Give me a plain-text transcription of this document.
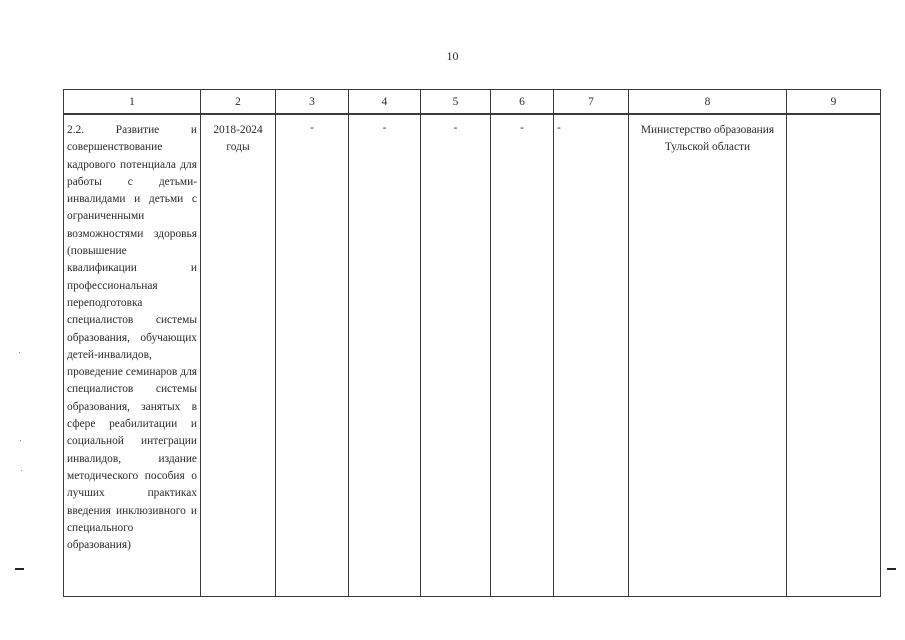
10
1	2	3	4	5	6	7	8	9
2.2. Развитие и совершенствование кадрового потенциала для работы с детьми-инвалидами и детьми с ограниченными возможностями здоровья (повышение квалификации и профессиональная переподготовка специалистов системы образования, обучающих детей-инвалидов, проведение семинаров для специалистов системы образования, занятых в сфере реабилитации и социальной интеграции инвалидов, издание методического пособия о лучших практиках введения инклюзивного и специального образования)	2018-2024 годы	-	-	-	-	-	Министерство образования Тульской области	
